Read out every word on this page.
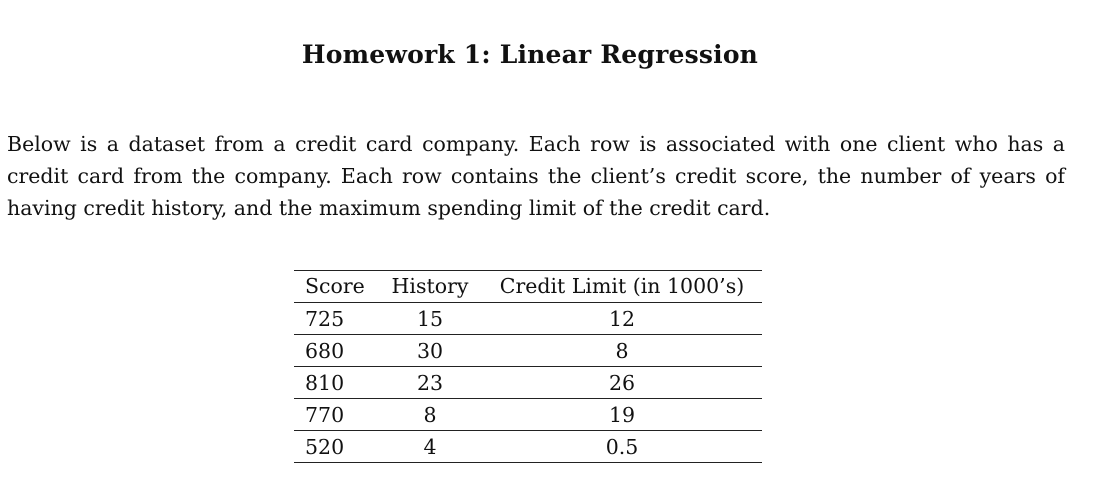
Homework 1: Linear Regression
Below is a dataset from a credit card company. Each row is associated with one client who has a credit card from the company. Each row contains the client’s credit score, the number of years of having credit history, and the maximum spending limit of the credit card.
Score	History	Credit Limit (in 1000’s)
725	15	12
680	30	8
810	23	26
770	8	19
520	4	0.5
